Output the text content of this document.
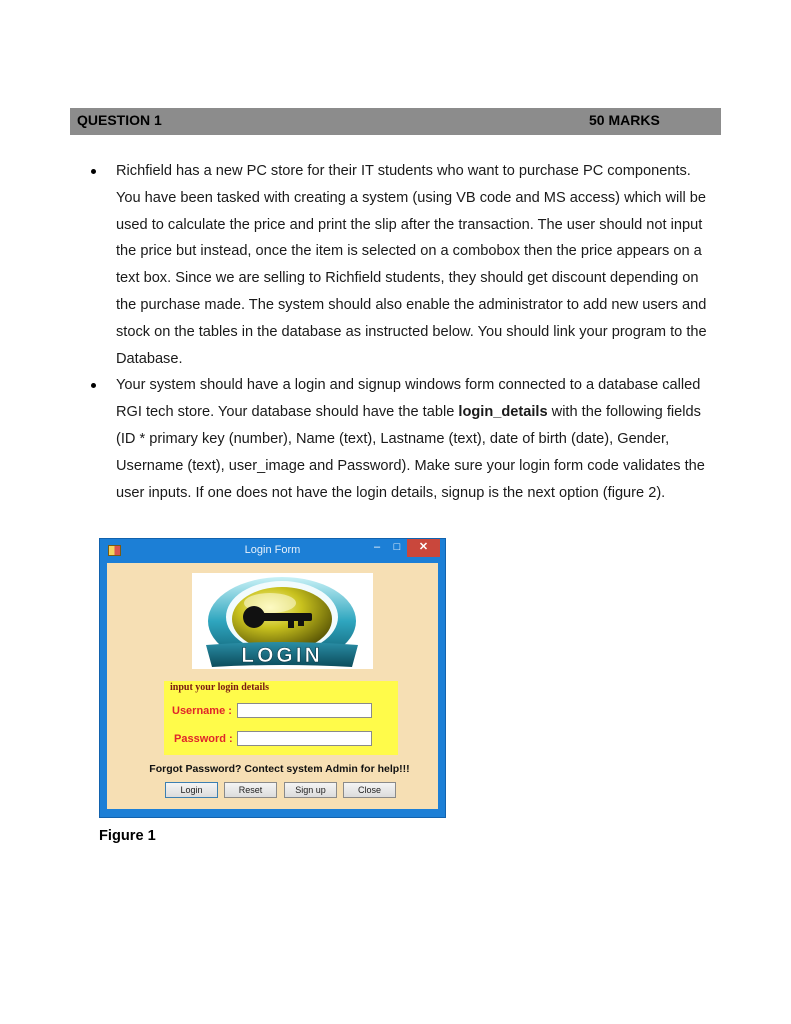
QUESTION 1	50 MARKS
Richfield has a new PC store for their IT students who want to purchase PC components. You have been tasked with creating a system (using VB code and MS access) which will be used to calculate the price and print the slip after the transaction. The user should not input the price but instead, once the item is selected on a combobox then the price appears on a text box. Since we are selling to Richfield students, they should get discount depending on the purchase made. The system should also enable the administrator to add new users and stock on the tables in the database as instructed below. You should link your program to the Database.
Your system should have a login and signup windows form connected to a database called RGI tech store. Your database should have the table login_details with the following fields (ID * primary key (number), Name (text), Lastname (text), date of birth (date), Gender, Username (text), user_image and Password). Make sure your login form code validates the user inputs. If one does not have the login details, signup is the next option (figure 2).
Login Form	–	□	✕
LOGIN
input your login details
Username :
Password :
Forgot Password? Contect system Admin for help!!!
Login	Reset	Sign up	Close
Figure 1
